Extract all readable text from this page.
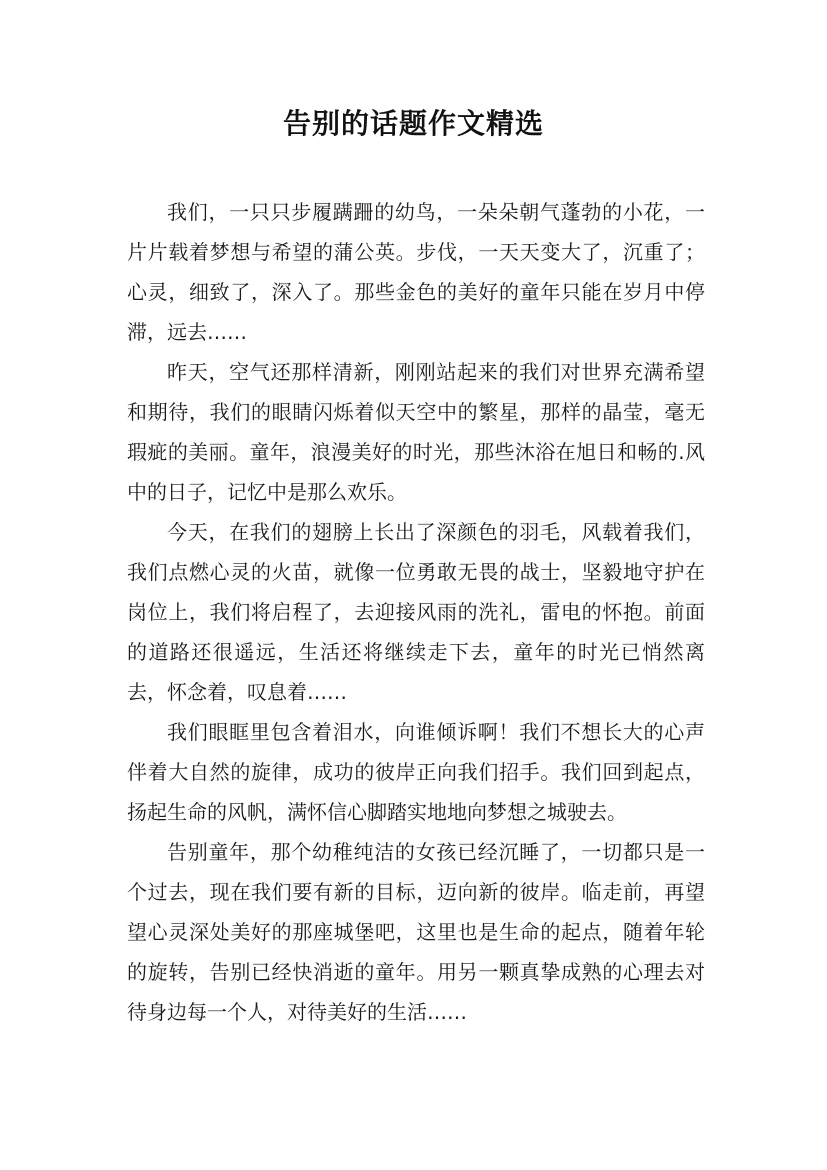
告别的话题作文精选

我们，一只只步履蹒跚的幼鸟，一朵朵朝气蓬勃的小花，一片片载着梦想与希望的蒲公英。步伐，一天天变大了，沉重了；心灵，细致了，深入了。那些金色的美好的童年只能在岁月中停滞，远去……

昨天，空气还那样清新，刚刚站起来的我们对世界充满希望和期待，我们的眼睛闪烁着似天空中的繁星，那样的晶莹，毫无瑕疵的美丽。童年，浪漫美好的时光，那些沐浴在旭日和畅的.风中的日子，记忆中是那么欢乐。

今天，在我们的翅膀上长出了深颜色的羽毛，风载着我们，我们点燃心灵的火苗，就像一位勇敢无畏的战士，坚毅地守护在岗位上，我们将启程了，去迎接风雨的洗礼，雷电的怀抱。前面的道路还很遥远，生活还将继续走下去，童年的时光已悄然离去，怀念着，叹息着……

我们眼眶里包含着泪水，向谁倾诉啊！我们不想长大的心声伴着大自然的旋律，成功的彼岸正向我们招手。我们回到起点，扬起生命的风帆，满怀信心脚踏实地地向梦想之城驶去。

告别童年，那个幼稚纯洁的女孩已经沉睡了，一切都只是一个过去，现在我们要有新的目标，迈向新的彼岸。临走前，再望望心灵深处美好的那座城堡吧，这里也是生命的起点，随着年轮的旋转，告别已经快消逝的童年。用另一颗真挚成熟的心理去对待身边每一个人，对待美好的生活……
